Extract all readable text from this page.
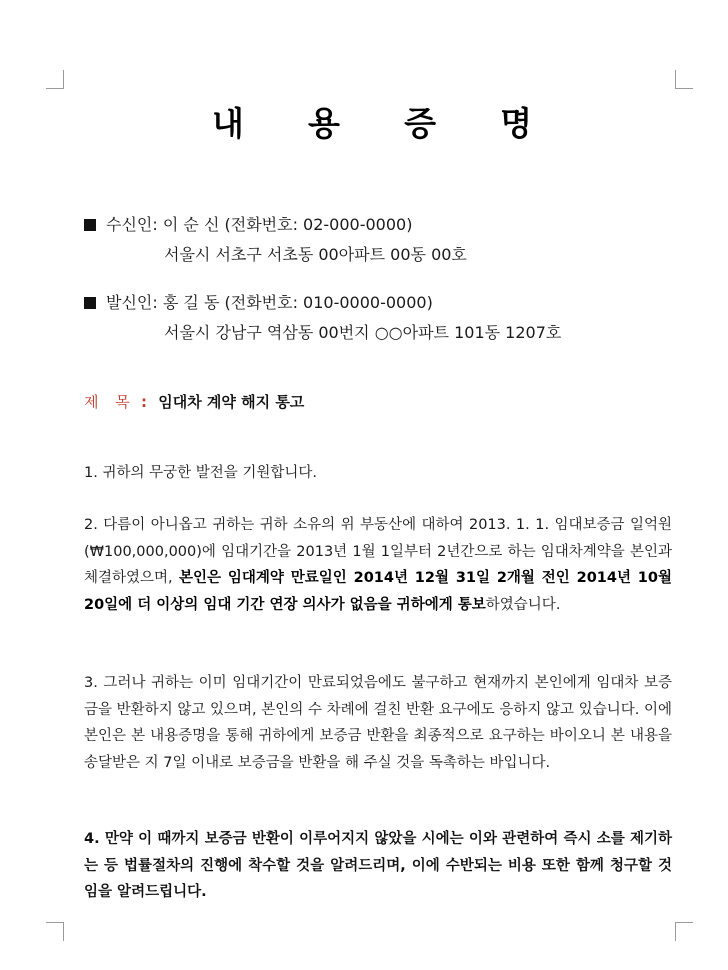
내 용 증 명
수신인: 이 순 신 (전화번호: 02-000-0000)
서울시 서초구 서초동 00아파트 00동 00호
발신인: 홍 길 동 (전화번호: 010-0000-0000)
서울시 강남구 역삼동 00번지 ○○아파트 101동 1207호
제 목 : 임대차 계약 해지 통고
1. 귀하의 무궁한 발전을 기원합니다.
2. 다름이 아니옵고 귀하는 귀하 소유의 위 부동산에 대하여 2013. 1. 1. 임대보증금 일억원(₩100,000,000)에 임대기간을 2013년 1월 1일부터 2년간으로 하는 임대차계약을 본인과 체결하였으며, 본인은 임대계약 만료일인 2014년 12월 31일 2개월 전인 2014년 10월 20일에 더 이상의 임대 기간 연장 의사가 없음을 귀하에게 통보하였습니다.
3. 그러나 귀하는 이미 임대기간이 만료되었음에도 불구하고 현재까지 본인에게 임대차 보증금을 반환하지 않고 있으며, 본인의 수 차례에 걸친 반환 요구에도 응하지 않고 있습니다. 이에 본인은 본 내용증명을 통해 귀하에게 보증금 반환을 최종적으로 요구하는 바이오니 본 내용을 송달받은 지 7일 이내로 보증금을 반환을 해 주실 것을 독촉하는 바입니다.
4. 만약 이 때까지 보증금 반환이 이루어지지 않았을 시에는 이와 관련하여 즉시 소를 제기하는 등 법률절차의 진행에 착수할 것을 알려드리며, 이에 수반되는 비용 또한 함께 청구할 것임을 알려드립니다.
